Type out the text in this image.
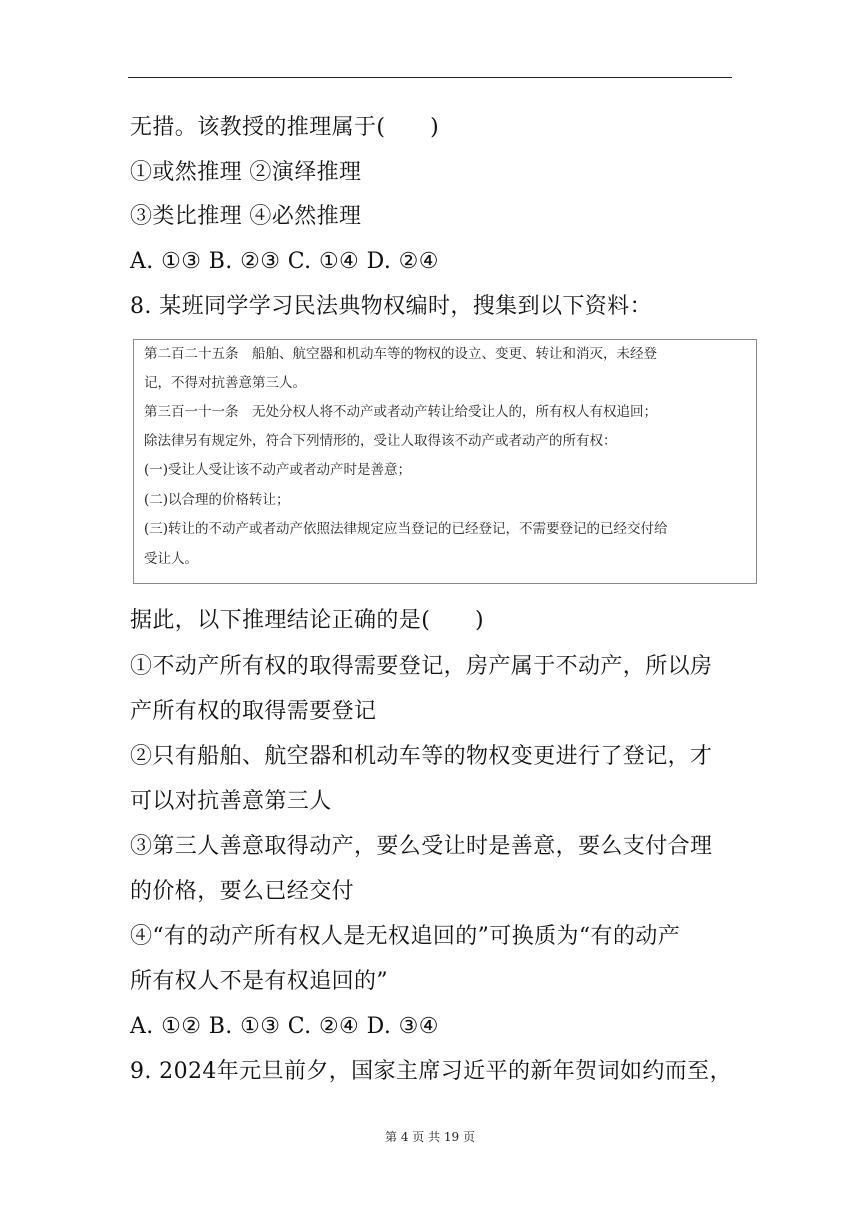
无措。该教授的推理属于(　　)
①或然推理 ②演绎推理
③类比推理 ④必然推理
A. ①③ B. ②③ C. ①④ D. ②④
8. 某班同学学习民法典物权编时，搜集到以下资料：
据此，以下推理结论正确的是(　　)
①不动产所有权的取得需要登记，房产属于不动产，所以房
产所有权的取得需要登记
②只有船舶、航空器和机动车等的物权变更进行了登记，才
可以对抗善意第三人
③第三人善意取得动产，要么受让时是善意，要么支付合理
的价格，要么已经交付
④“有的动产所有权人是无权追回的”可换质为“有的动产
所有权人不是有权追回的”
A. ①② B. ①③ C. ②④ D. ③④
9. 2024年元旦前夕，国家主席习近平的新年贺词如约而至，
第二百二十五条　船舶、航空器和机动车等的物权的设立、变更、转让和消灭，未经登
记，不得对抗善意第三人。
第三百一十一条　无处分权人将不动产或者动产转让给受让人的，所有权人有权追回；
除法律另有规定外，符合下列情形的，受让人取得该不动产或者动产的所有权：
(一)受让人受让该不动产或者动产时是善意；
(二)以合理的价格转让；
(三)转让的不动产或者动产依照法律规定应当登记的已经登记，不需要登记的已经交付给
受让人。
第 4 页 共 19 页
